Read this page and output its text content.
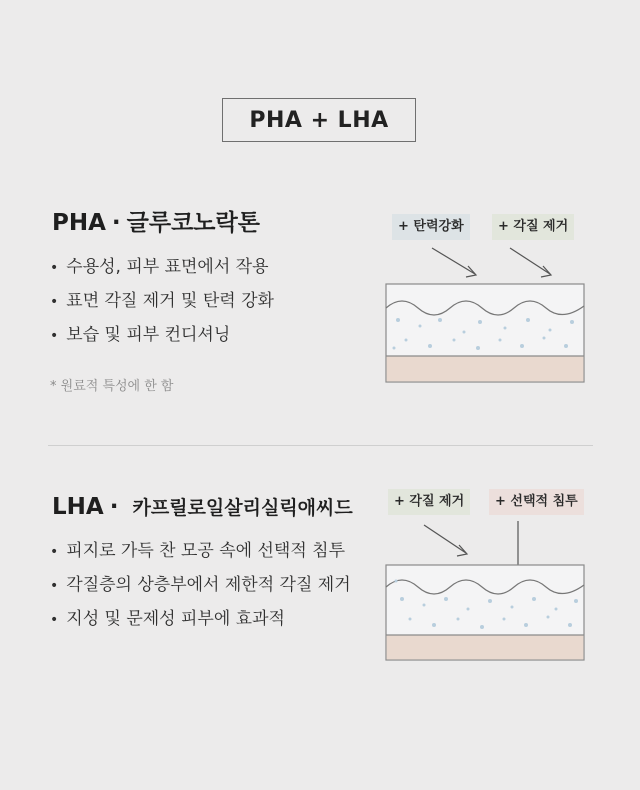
PHA + LHA
PHA · 글루코노락톤
• 수용성, 피부 표면에서 작용
• 표면 각질 제거 및 탄력 강화
• 보습 및 피부 컨디셔닝
* 원료적 특성에 한 함
+ 탄력강화	+ 각질 제거
LHA · 카프릴로일살리실릭애씨드
• 피지로 가득 찬 모공 속에 선택적 침투
• 각질층의 상층부에서 제한적 각질 제거
• 지성 및 문제성 피부에 효과적
+ 각질 제거	+ 선택적 침투
